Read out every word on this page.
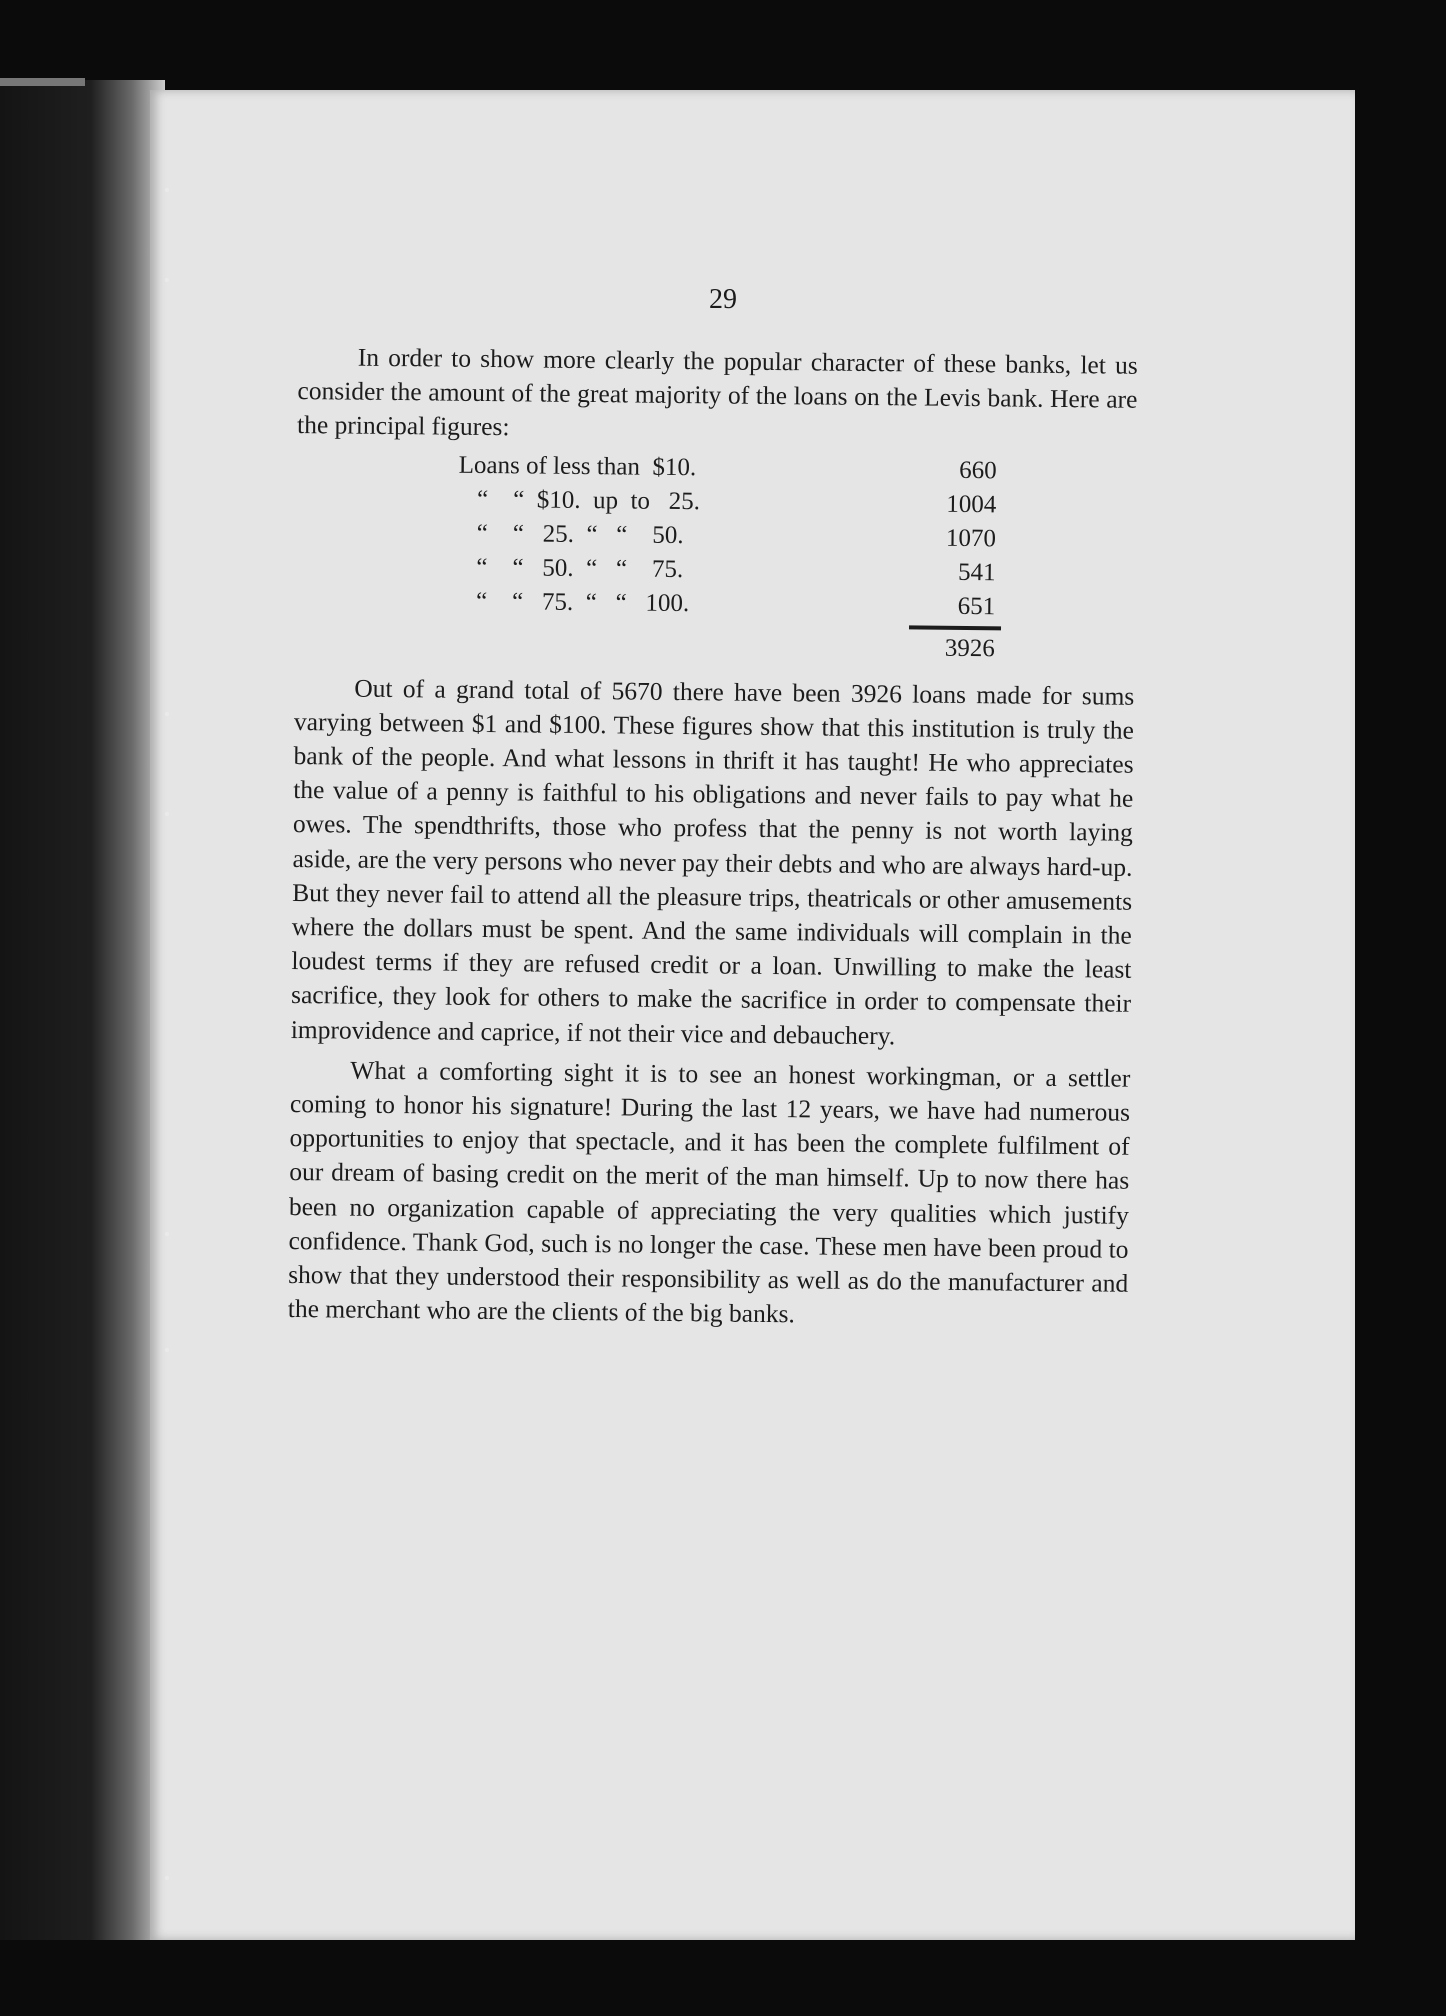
29

In order to show more clearly the popular character of these banks, let us consider the amount of the great majority of the loans on the Levis bank. Here are the principal figures:

Loans of less than  $10.	660
“    “  $10.  up  to   25.	1004
“    “   25.  “   “    50.	1070
“    “   50.  “   “    75.	541
“    “   75.  “   “   100.	651
3926

Out of a grand total of 5670 there have been 3926 loans made for sums varying between $1 and $100. These figures show that this institution is truly the bank of the people. And what lessons in thrift it has taught! He who appreciates the value of a penny is faithful to his obligations and never fails to pay what he owes. The spendthrifts, those who profess that the penny is not worth laying aside, are the very persons who never pay their debts and who are always hard-up. But they never fail to attend all the pleasure trips, theatricals or other amusements where the dollars must be spent. And the same individuals will complain in the loudest terms if they are refused credit or a loan. Unwilling to make the least sacrifice, they look for others to make the sacrifice in order to compensate their improvidence and caprice, if not their vice and debauchery.

What a comforting sight it is to see an honest workingman, or a settler coming to honor his signature! During the last 12 years, we have had numerous opportunities to enjoy that spectacle, and it has been the complete fulfilment of our dream of basing credit on the merit of the man himself. Up to now there has been no organization capable of appreciating the very qualities which justify confidence. Thank God, such is no longer the case. These men have been proud to show that they understood their responsibility as well as do the manufacturer and the merchant who are the clients of the big banks.
